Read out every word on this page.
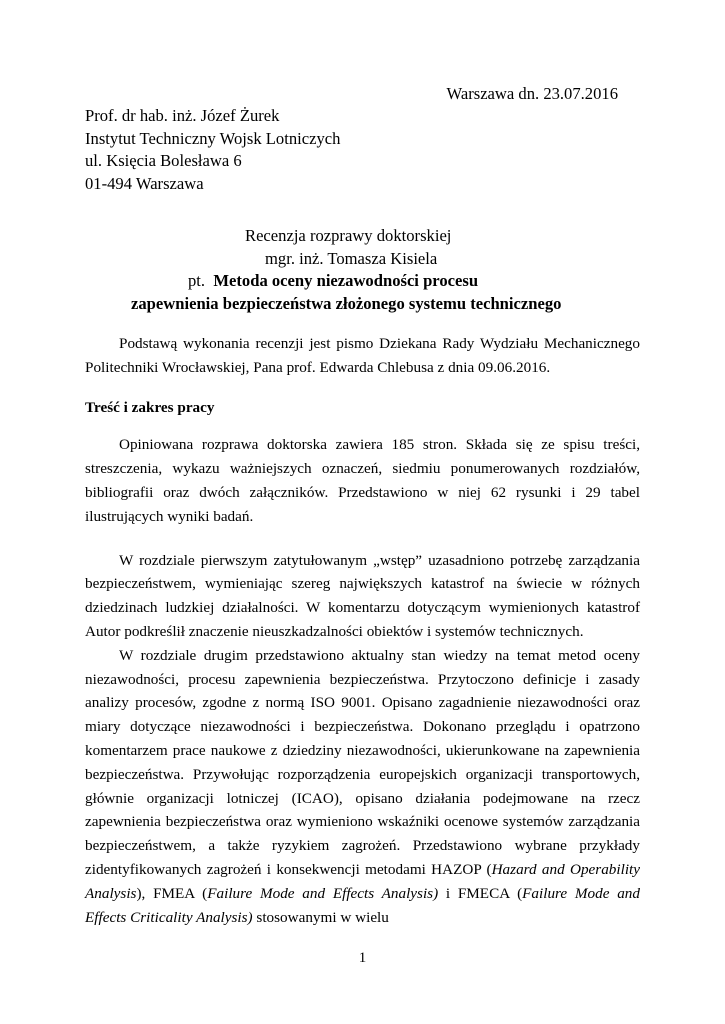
Warszawa dn. 23.07.2016
Prof. dr hab. inż. Józef Żurek
Instytut Techniczny Wojsk Lotniczych
ul. Księcia Bolesława 6
01-494 Warszawa
Recenzja rozprawy doktorskiej
mgr. inż. Tomasza Kisiela
pt. Metoda oceny niezawodności procesu
zapewnienia bezpieczeństwa złożonego systemu technicznego

Podstawą wykonania recenzji jest pismo Dziekana Rady Wydziału Mechanicznego Politechniki Wrocławskiej, Pana prof. Edwarda Chlebusa z dnia 09.06.2016.

Treść i zakres pracy

Opiniowana rozprawa doktorska zawiera 185 stron. Składa się ze spisu treści, streszczenia, wykazu ważniejszych oznaczeń, siedmiu ponumerowanych rozdziałów, bibliografii oraz dwóch załączników. Przedstawiono w niej 62 rysunki i 29 tabel ilustrujących wyniki badań.

W rozdziale pierwszym zatytułowanym „wstęp” uzasadniono potrzebę zarządzania bezpieczeństwem, wymieniając szereg największych katastrof na świecie w różnych dziedzinach ludzkiej działalności. W komentarzu dotyczącym wymienionych katastrof Autor podkreślił znaczenie nieuszkadzalności obiektów i systemów technicznych.

W rozdziale drugim przedstawiono aktualny stan wiedzy na temat metod oceny niezawodności, procesu zapewnienia bezpieczeństwa. Przytoczono definicje i zasady analizy procesów, zgodne z normą ISO 9001. Opisano zagadnienie niezawodności oraz miary dotyczące niezawodności i bezpieczeństwa. Dokonano przeglądu i opatrzono komentarzem prace naukowe z dziedziny niezawodności, ukierunkowane na zapewnienia bezpieczeństwa. Przywołując rozporządzenia europejskich organizacji transportowych, głównie organizacji lotniczej (ICAO), opisano działania podejmowane na rzecz zapewnienia bezpieczeństwa oraz wymieniono wskaźniki ocenowe systemów zarządzania bezpieczeństwem, a także ryzykiem zagrożeń. Przedstawiono wybrane przykłady zidentyfikowanych zagrożeń i konsekwencji metodami HAZOP (Hazard and Operability Analysis), FMEA (Failure Mode and Effects Analysis) i FMECA (Failure Mode and Effects Criticality Analysis) stosowanymi w wielu

1
